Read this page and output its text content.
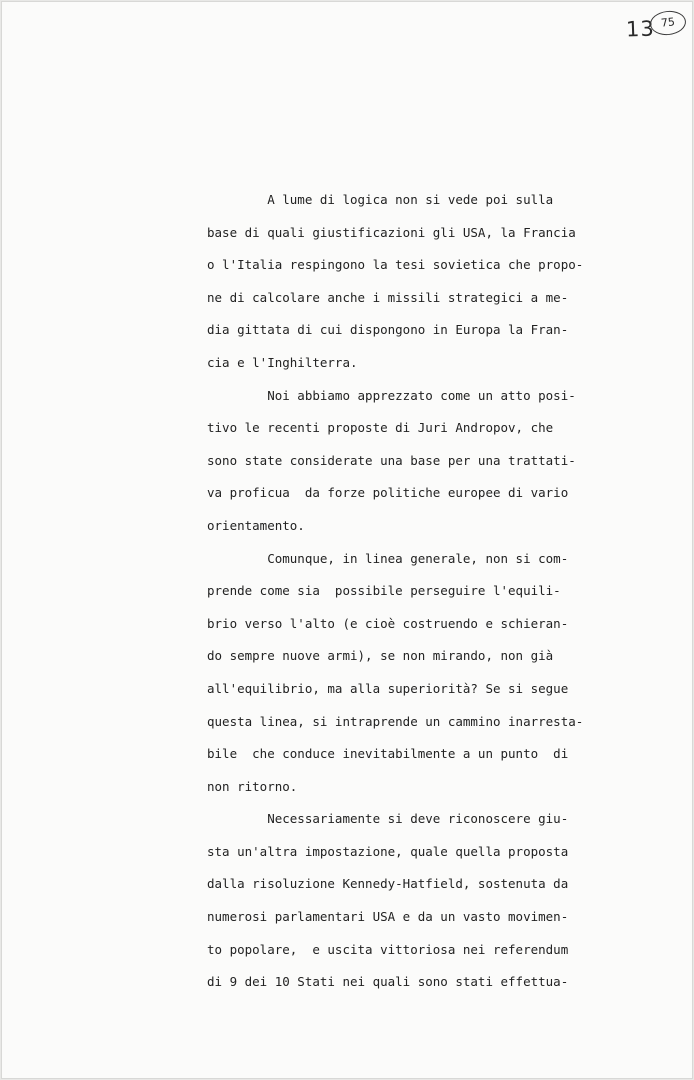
13 75
A lume di logica non si vede poi sulla
base di quali giustificazioni gli USA, la Francia
o l'Italia respingono la tesi sovietica che propo-
ne di calcolare anche i missili strategici a me-
dia gittata di cui dispongono in Europa la Fran-
cia e l'Inghilterra.
Noi abbiamo apprezzato come un atto posi-
tivo le recenti proposte di Juri Andropov, che
sono state considerate una base per una trattati-
va proficua  da forze politiche europee di vario
orientamento.
Comunque, in linea generale, non si com-
prende come sia  possibile perseguire l'equili-
brio verso l'alto (e cioè costruendo e schieran-
do sempre nuove armi), se non mirando, non già
all'equilibrio, ma alla superiorità? Se si segue
questa linea, si intraprende un cammino inarresta-
bile  che conduce inevitabilmente a un punto  di
non ritorno.
Necessariamente si deve riconoscere giu-
sta un'altra impostazione, quale quella proposta
dalla risoluzione Kennedy-Hatfield, sostenuta da
numerosi parlamentari USA e da un vasto movimen-
to popolare,  e uscita vittoriosa nei referendum
di 9 dei 10 Stati nei quali sono stati effettua-
